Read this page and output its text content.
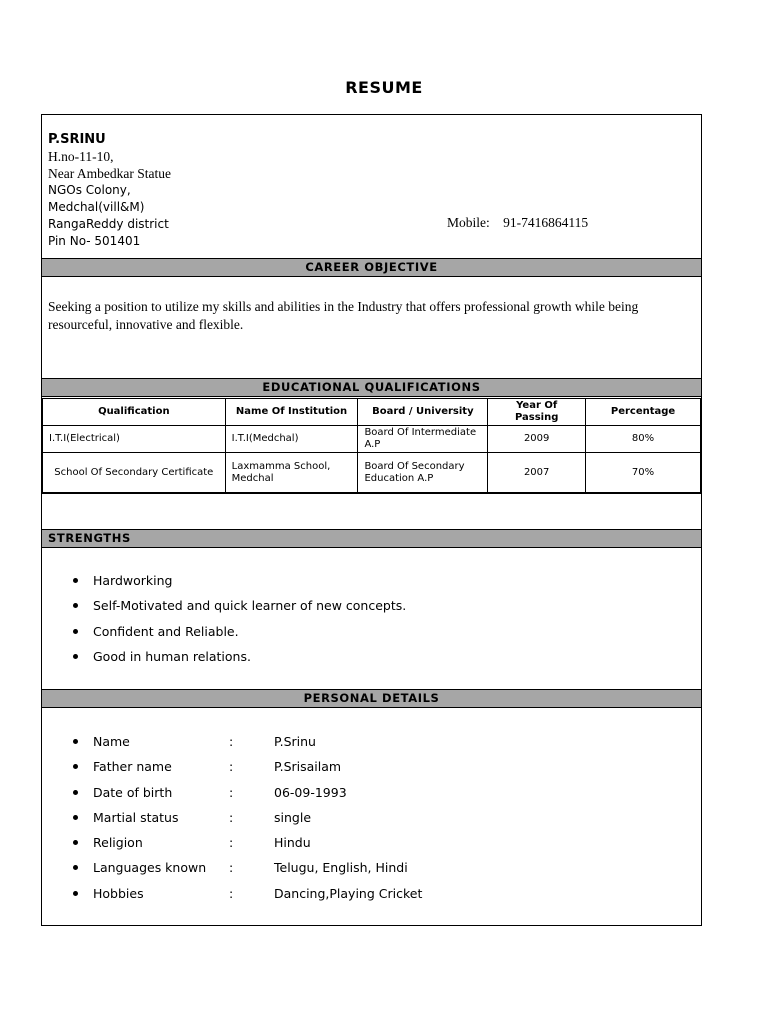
RESUME
P.SRINU
H.no-11-10,
Near Ambedkar Statue
NGOs Colony,
Medchal(vill&M)
RangaReddy district
Pin No- 501401
Mobile: 91-7416864115
CAREER OBJECTIVE
Seeking a position to utilize my skills and abilities in the Industry that offers professional growth while being resourceful, innovative and flexible.
EDUCATIONAL QUALIFICATIONS
Qualification	Name Of Institution	Board / University	Year Of Passing	Percentage
I.T.I(Electrical)	I.T.I(Medchal)	Board Of Intermediate A.P	2009	80%
School Of Secondary Certificate	Laxmamma School, Medchal	Board Of Secondary Education A.P	2007	70%
STRENGTHS
Hardworking
Self-Motivated and quick learner of new concepts.
Confident and Reliable.
Good in human relations.
PERSONAL DETAILS
Name	:	P.Srinu
Father name	:	P.Srisailam
Date of birth	:	06-09-1993
Martial status	:	single
Religion	:	Hindu
Languages known :	Telugu, English, Hindi
Hobbies	:	Dancing,Playing Cricket
